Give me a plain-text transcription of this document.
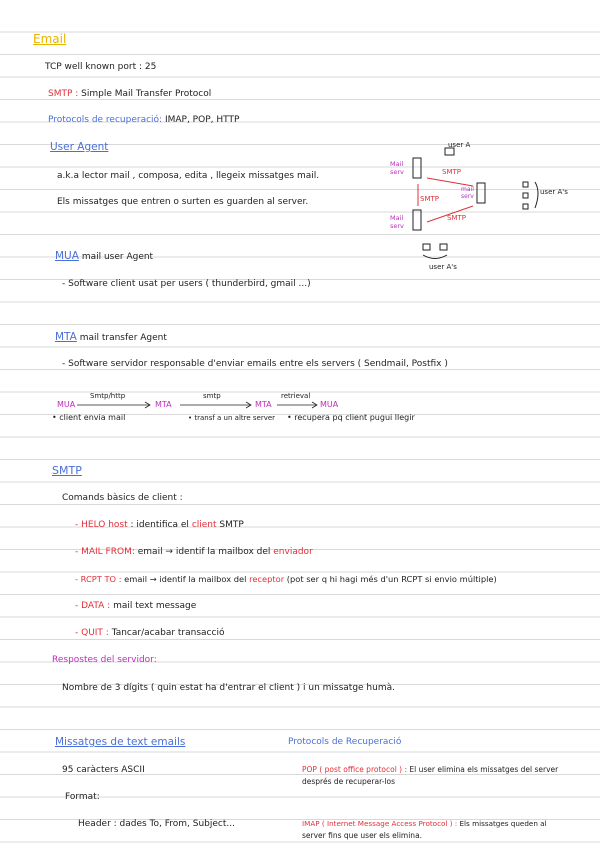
Email
TCP well known port : 25
SMTP : Simple Mail Transfer Protocol
Protocols de recuperació: IMAP, POP, HTTP
User Agent
a.k.a lector mail , composa, edita , llegeix missatges mail.
Els missatges que entren o surten es guarden al server.
user A
user A's
user A's
Mail serv
Mail serv
mail serv
SMTP
SMTP
SMTP
MUA mail user Agent
- Software client usat per users ( thunderbird, gmail ...)
MTA mail transfer Agent
- Software servidor responsable d'enviar emails entre els servers ( Sendmail, Postfix )
MUA	MTA	MTA	MUA
Smtp/http	smtp	retrieval
• client envia mail	• transf a un altre server • recupera pq client pugui llegir
SMTP
Comands bàsics de client :
- HELO host : identifica el client SMTP
- MAIL FROM: email → identif la mailbox del enviador
- RCPT TO : email → identif la mailbox del receptor (pot ser q hi hagi més d'un RCPT si envio múltiple)
- DATA : mail text message
- QUIT : Tancar/acabar transacció
Respostes del servidor:
Nombre de 3 dígits ( quin estat ha d'entrar el client ) i un missatge humà.
Missatges de text emails
95 caràcters ASCII
Format:
Header : dades To, From, Subject...
Protocols de Recuperació
POP ( post office protocol ) : El user elimina els missatges del server
després de recuperar-los
IMAP ( Internet Message Access Protocol ) : Els missatges queden al
server fins que user els elimina.
